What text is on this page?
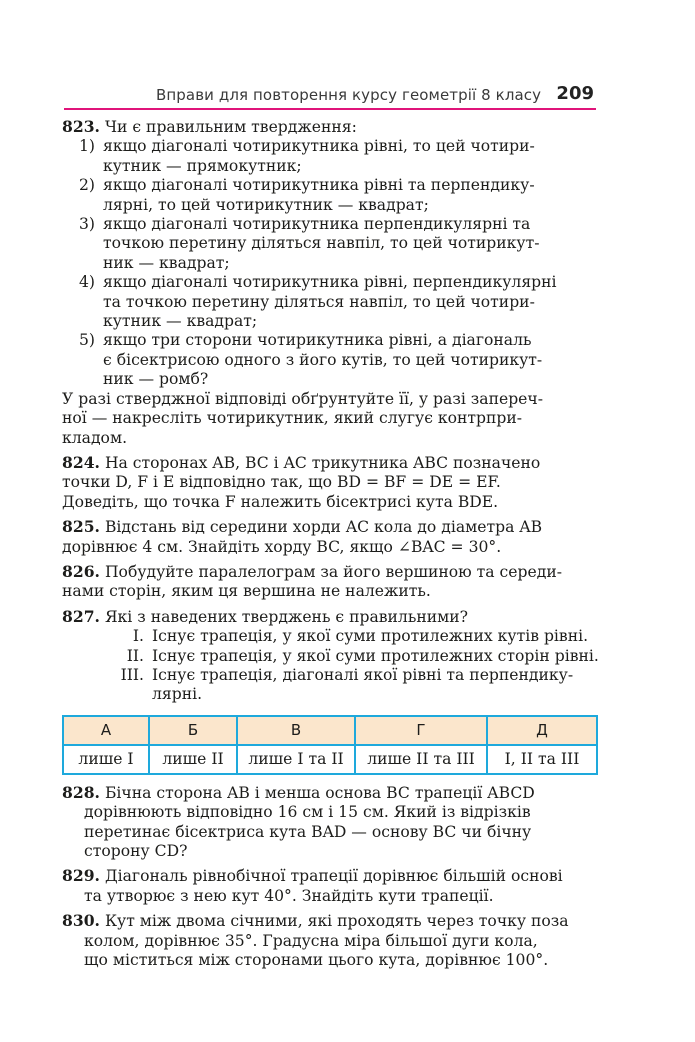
Вправи для повторення курсу геометрії 8 класу 209
823. Чи є правильним твердження:
1) якщо діагоналі чотирикутника рівні, то цей чотири-
кутник — прямокутник;
2) якщо діагоналі чотирикутника рівні та перпендику-
лярні, то цей чотирикутник — квадрат;
3) якщо діагоналі чотирикутника перпендикулярні та
точкою перетину діляться навпіл, то цей чотирикут-
ник — квадрат;
4) якщо діагоналі чотирикутника рівні, перпендикулярні
та точкою перетину діляться навпіл, то цей чотири-
кутник — квадрат;
5) якщо три сторони чотирикутника рівні, а діагональ
є бісектрисою одного з його кутів, то цей чотирикут-
ник — ромб?
У разі стверджної відповіді обґрунтуйте її, у разі запереч-
ної — накресліть чотирикутник, який слугує контрпри-
кладом.
824. На сторонах AB, BC і AC трикутника ABC позначено
точки D, F і E відповідно так, що BD = BF = DE = EF.
Доведіть, що точка F належить бісектрисі кута BDE.
825. Відстань від середини хорди AC кола до діаметра AB
дорівнює 4 см. Знайдіть хорду BC, якщо ∠BAC = 30°.
826. Побудуйте паралелограм за його вершиною та середи-
нами сторін, яким ця вершина не належить.
827. Які з наведених тверджень є правильними?
I. Існує трапеція, у якої суми протилежних кутів рівні.
II. Існує трапеція, у якої суми протилежних сторін рівні.
III. Існує трапеція, діагоналі якої рівні та перпендику-
лярні.
А	Б	В	Г	Д
лише I	лише II	лише I та II	лише II та III	I, II та III
828. Бічна сторона AB і менша основа BC трапеції ABCD
дорівнюють відповідно 16 см і 15 см. Який із відрізків
перетинає бісектриса кута BAD — основу BC чи бічну
сторону CD?
829. Діагональ рівнобічної трапеції дорівнює більшій основі
та утворює з нею кут 40°. Знайдіть кути трапеції.
830. Кут між двома січними, які проходять через точку поза
колом, дорівнює 35°. Градусна міра більшої дуги кола,
що міститься між сторонами цього кута, дорівнює 100°.
